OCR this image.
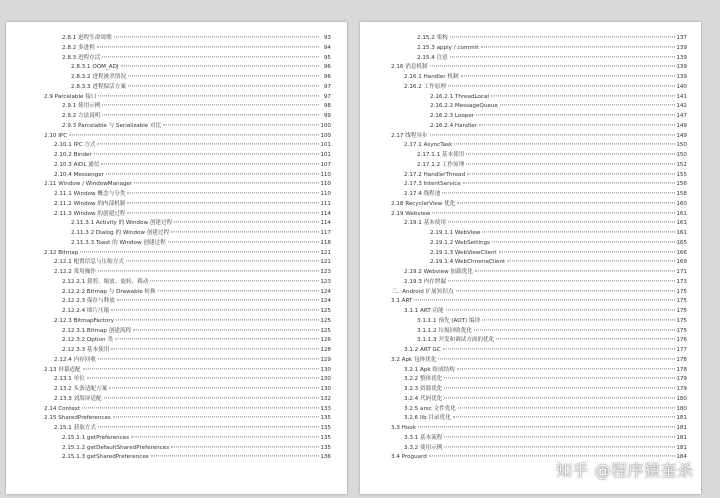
2.8.1 进程生命周期	93
2.8.2 多进程	94
2.8.3 进程存活	95
2.8.3.1 OOM_ADJ	96
2.8.3.2 进程被杀情况	96
2.8.3.3 进程保活方案	97
2.9 Parcelable 接口	97
2.9.1 使用示例	98
2.9.2 方法说明	99
2.9.3 Parcelable 与 Serializable 对比	100
2.10 IPC	100
2.10.1 IPC 方式	101
2.10.2 Binder	101
2.10.3 AIDL 通信	107
2.10.4 Messenger	110
2.11 Window / WindowManager	110
2.11.1 Window 概念与分类	110
2.11.2 Window 的内部机制	111
2.11.3 Window 的创建过程	114
2.11.3.1 Activity 的 Window 创建过程	114
2.11.3.2 Dialog 的 Window 创建过程	117
2.11.3.3 Toast 的 Window 创建过程	118
2.12 Bitmap	121
2.12.1 配置信息与压缩方式	121
2.12.2 常用操作	123
2.12.2.1 裁剪、缩放、旋转、移动	123
2.12.2.2 Bitmap 与 Drawable 转换	124
2.12.2.3 保存与释放	124
2.12.2.4 图片压缩	125
2.12.3 BitmapFactory	125
2.12.3.1 Bitmap 创建流程	125
2.12.3.2 Option 类	126
2.12.3.3 基本使用	128
2.12.4 内存回收	129
2.13 屏幕适配	130
2.13.1 单位	130
2.13.2 头条适配方案	130
2.13.3 刘海屏适配	132
2.14 Context	133
2.15 SharedPreferences	135
2.15.1 获取方式	135
2.15.1.1 getPreferences	135
2.15.1.2 getDefaultSharedPreferences	135
2.15.1.3 getSharedPreferences	136
2.15.2 架构	137
2.15.3 apply / commit	139
2.15.4 注意	139
2.16 消息机制	139
2.16.1 Handler 机制	139
2.16.2 工作原理	140
2.16.2.1 ThreadLocal	141
2.16.2.2 MessageQueue	142
2.16.2.3 Looper	147
2.16.2.4 Handler	149
2.17 线程异步	149
2.17.1 AsyncTask	150
2.17.1.1 基本使用	150
2.17.1.2 工作原理	152
2.17.2 HandlerThread	155
2.17.3 IntentService	156
2.17.4 线程池	158
2.18 RecyclerView 优化	160
2.19 Webview	161
2.19.1 基本使用	161
2.19.1.1 WebView	161
2.19.1.2 WebSettings	165
2.19.1.3 WebViewClient	166
2.19.1.4 WebChromeClient	169
2.19.2 Webview 加载优化	171
2.19.3 内存泄漏	173
三、Android 扩展知识点	175
3.1 ART	175
3.1.1 ART 功能	175
3.1.1.1 预先 (AOT) 编译	175
3.1.1.2 垃圾回收优化	175
3.1.1.3 开发和调试方面的优化	176
3.1.2 ART GC	177
3.2 Apk 包体优化	178
3.2.1 Apk 组成结构	178
3.2.2 整体优化	179
3.2.3 资源优化	179
3.2.4 代码优化	180
3.2.5 arsc 文件优化	180
3.2.6 lib 目录优化	181
3.3 Hook	181
3.3.1 基本流程	181
3.3.2 使用示例	181
3.4 Proguard	184
知乎 @程序猿奎杀
